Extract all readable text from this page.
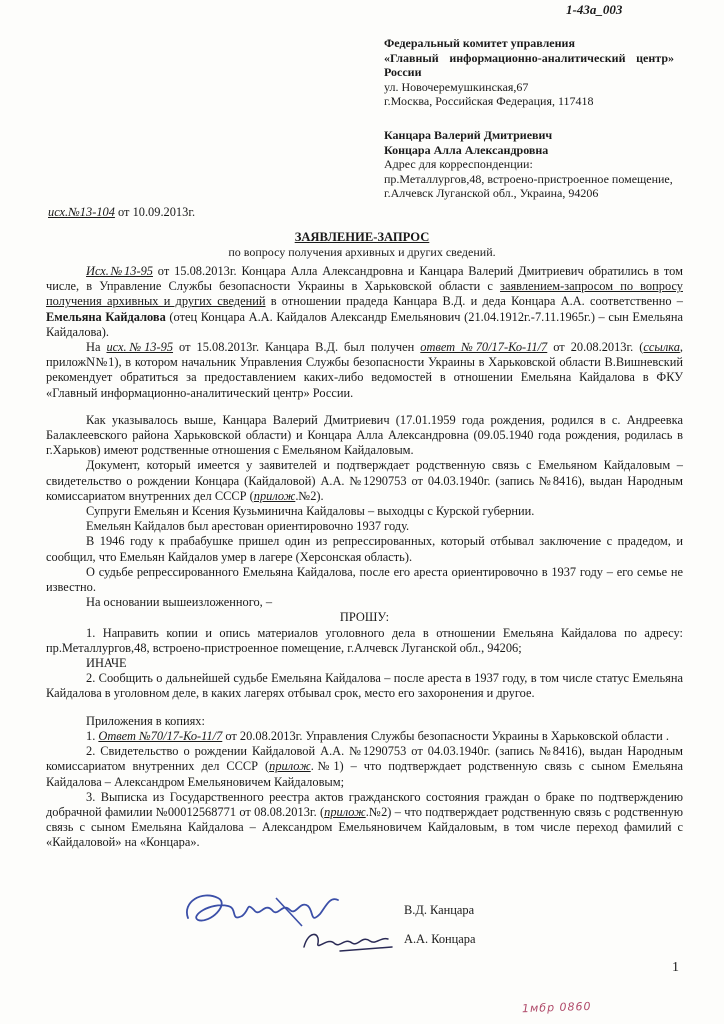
1-43а_003
Федеральный комитет управления
«Главный информационно-аналитический центр»
России
ул. Новочеремушкинская,67
г.Москва, Российская Федерация, 117418
Канцара Валерий Дмитриевич
Концара Алла Александровна
Адрес для корреспонденции:
пр.Металлургов,48, встроено-пристроенное помещение,
г.Алчевск Луганской обл., Украина, 94206
исх.№13-104 от 10.09.2013г.
ЗАЯВЛЕНИЕ-ЗАПРОС
по вопросу получения архивных и других сведений.

Исх.№13-95 от 15.08.2013г. Концара Алла Александровна и Канцара Валерий Дмитриевич обратились в том числе, в Управление Службы безопасности Украины в Харьковской области с заявлением-запросом по вопросу получения архивных и других сведений в отношении прадеда Канцара В.Д. и деда Концара А.А. соответственно – Емельяна Кайдалова (отец Концара А.А. Кайдалов Александр Емельянович (21.04.1912г.-7.11.1965г.) – сын Емельяна Кайдалова).

На исх.№13-95 от 15.08.2013г. Канцара В.Д. был получен ответ №70/17-Ко-11/7 от 20.08.2013г. (ссылка, приложN№1), в котором начальник Управления Службы безопасности Украины в Харьковской области В.Вишневский рекомендует обратиться за предоставлением каких-либо ведомостей в отношении Емельяна Кайдалова в ФКУ «Главный информационно-аналитический центр» России.

Как указывалось выше, Канцара Валерий Дмитриевич (17.01.1959 года рождения, родился в с. Андреевка Балаклеевского района Харьковской области) и Концара Алла Александровна (09.05.1940 года рождения, родилась в г.Харьков) имеют родственные отношения с Емельяном Кайдаловым.

Документ, который имеется у заявителей и подтверждает родственную связь с Емельяном Кайдаловым – свидетельство о рождении Концара (Кайдаловой) А.А. №1290753 от 04.03.1940г. (запись №8416), выдан Народным комиссариатом внутренних дел СССР (прилож.№2).

Супруги Емельян и Ксения Кузьминична Кайдаловы – выходцы с Курской губернии.

Емельян Кайдалов был арестован ориентировочно 1937 году.

В 1946 году к прабабушке пришел один из репрессированных, который отбывал заключение с прадедом, и сообщил, что Емельян Кайдалов умер в лагере (Херсонская область).

О судьбе репрессированного Емельяна Кайдалова, после его ареста ориентировочно в 1937 году – его семье не известно.

На основании вышеизложенного, –

ПРОШУ:

1. Направить копии и опись материалов уголовного дела в отношении Емельяна Кайдалова по адресу: пр.Металлургов,48, встроено-пристроенное помещение, г.Алчевск Луганской обл., 94206;

ИНАЧЕ

2. Сообщить о дальнейшей судьбе Емельяна Кайдалова – после ареста в 1937 году, в том числе статус Емельяна Кайдалова в уголовном деле, в каких лагерях отбывал срок, место его захоронения и другое.

Приложения в копиях:

1. Ответ №70/17-Ко-11/7 от 20.08.2013г. Управления Службы безопасности Украины в Харьковской области .

2. Свидетельство о рождении Кайдаловой А.А. №1290753 от 04.03.1940г. (запись №8416), выдан Народным комиссариатом внутренних дел СССР (прилож.№1) – что подтверждает родственную связь с сыном Емельяна Кайдалова – Александром Емельяновичем Кайдаловым;

3. Выписка из Государственного реестра актов гражданского состояния граждан о браке по подтверждению добрачной фамилии №00012568771 от 08.08.2013г. (прилож.№2) – что подтверждает родственную связь с родственную связь с сыном Емельяна Кайдалова – Александром Емельяновичем Кайдаловым, в том числе переход фамилий с «Кайдаловой» на «Концара».

В.Д. Канцара
А.А. Концара
1
1мбр 0860
